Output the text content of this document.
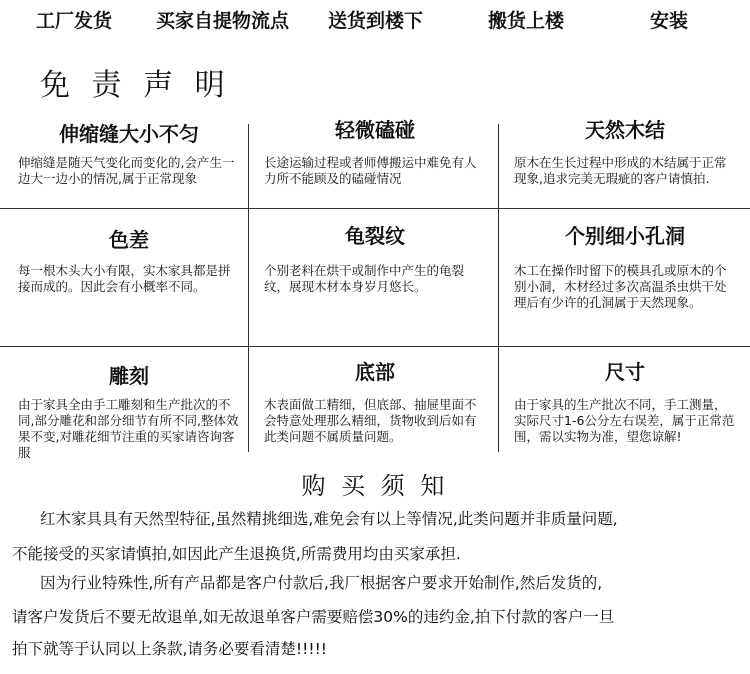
工厂发货 买家自提物流点 送货到楼下	搬货上楼	安装
免 责 声 明
伸缩缝大小不匀

伸缩缝是随天气变化而变化的,会产生一边大一边小的情况,属于正常现象

轻微磕碰

长途运输过程或者师傅搬运中难免有人力所不能顾及的磕碰情况

天然木结

原木在生长过程中形成的木结属于正常现象,追求完美无瑕疵的客户请慎拍.

色差

每一根木头大小有限，实木家具都是拼接而成的。因此会有小概率不同。

龟裂纹

个别老料在烘干或制作中产生的龟裂纹，展现木材本身岁月悠长。

个别细小孔洞

木工在操作时留下的模具孔或原木的个别小洞，木材经过多次高温杀虫烘干处理后有少许的孔洞属于天然现象。

雕刻

由于家具全由手工雕刻和生产批次的不同,部分雕花和部分细节有所不同,整体效果不变,对雕花细节注重的买家请咨询客服

底部

木表面做工精细，但底部、抽屉里面不会特意处理那么精细，货物收到后如有此类问题不属质量问题。

尺寸

由于家具的生产批次不同，手工测量，实际尺寸1-6公分左右误差，属于正常范围，需以实物为准，望您谅解!

购 买 须 知

红木家具具有天然型特征,虽然精挑细选,难免会有以上等情况,此类问题并非质量问题,

不能接受的买家请慎拍,如因此产生退换货,所需费用均由买家承担.

因为行业特殊性,所有产品都是客户付款后,我厂根据客户要求开始制作,然后发货的,

请客户发货后不要无故退单,如无故退单客户需要赔偿30%的违约金,拍下付款的客户一旦

拍下就等于认同以上条款,请务必要看清楚!!!!!
